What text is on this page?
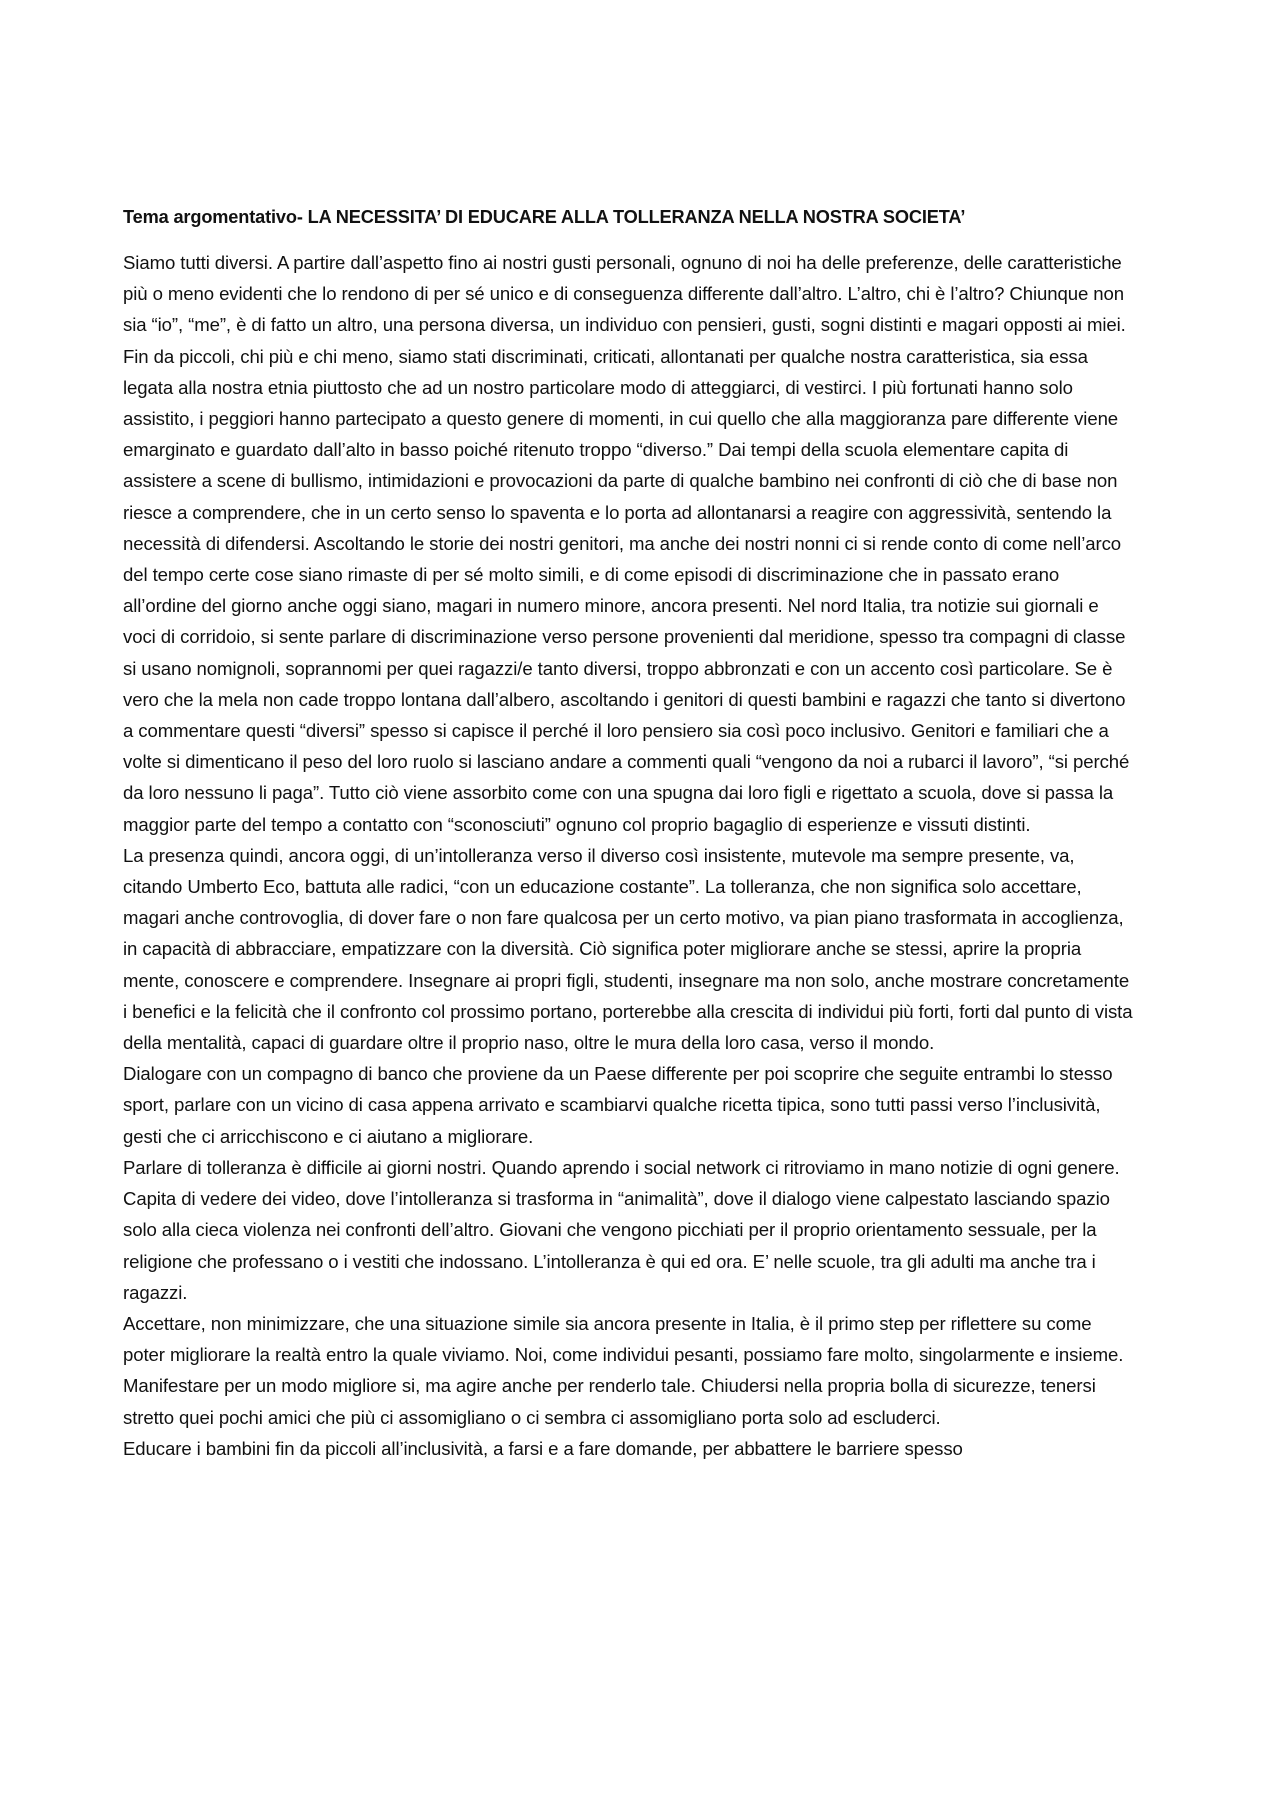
Tema argomentativo- LA NECESSITA’ DI EDUCARE ALLA TOLLERANZA NELLA NOSTRA SOCIETA’

Siamo tutti diversi. A partire dall’aspetto fino ai nostri gusti personali, ognuno di noi ha delle preferenze, delle caratteristiche più o meno evidenti che lo rendono di per sé unico e di conseguenza differente dall’altro. L’altro, chi è l’altro? Chiunque non sia “io”, “me”, è di fatto un altro, una persona diversa, un individuo con pensieri, gusti, sogni distinti e magari opposti ai miei.

Fin da piccoli, chi più e chi meno, siamo stati discriminati, criticati, allontanati per qualche nostra caratteristica, sia essa legata alla nostra etnia piuttosto che ad un nostro particolare modo di atteggiarci, di vestirci. I più fortunati hanno solo assistito, i peggiori hanno partecipato a questo genere di momenti, in cui quello che alla maggioranza pare differente viene emarginato e guardato dall’alto in basso poiché ritenuto troppo “diverso.” Dai tempi della scuola elementare capita di assistere a scene di bullismo, intimidazioni e provocazioni da parte di qualche bambino nei confronti di ciò che di base non riesce a comprendere, che in un certo senso lo spaventa e lo porta ad allontanarsi a reagire con aggressività, sentendo la necessità di difendersi. Ascoltando le storie dei nostri genitori, ma anche dei nostri nonni ci si rende conto di come nell’arco del tempo certe cose siano rimaste di per sé molto simili, e di come episodi di discriminazione che in passato erano all’ordine del giorno anche oggi siano, magari in numero minore, ancora presenti. Nel nord Italia, tra notizie sui giornali e voci di corridoio, si sente parlare di discriminazione verso persone provenienti dal meridione, spesso tra compagni di classe si usano nomignoli, soprannomi per quei ragazzi/e tanto diversi, troppo abbronzati e con un accento così particolare. Se è vero che la mela non cade troppo lontana dall’albero, ascoltando i genitori di questi bambini e ragazzi che tanto si divertono a commentare questi “diversi” spesso si capisce il perché il loro pensiero sia così poco inclusivo. Genitori e familiari che a volte si dimenticano il peso del loro ruolo si lasciano andare a commenti quali “vengono da noi a rubarci il lavoro”, “si perché da loro nessuno li paga”. Tutto ciò viene assorbito come con una spugna dai loro figli e rigettato a scuola, dove si passa la maggior parte del tempo a contatto con “sconosciuti” ognuno col proprio bagaglio di esperienze e vissuti distinti.

La presenza quindi, ancora oggi, di un’intolleranza verso il diverso così insistente, mutevole ma sempre presente, va, citando Umberto Eco, battuta alle radici, “con un educazione costante”. La tolleranza, che non significa solo accettare, magari anche controvoglia, di dover fare o non fare qualcosa per un certo motivo, va pian piano trasformata in accoglienza, in capacità di abbracciare, empatizzare con la diversità. Ciò significa poter migliorare anche se stessi, aprire la propria mente, conoscere e comprendere. Insegnare ai propri figli, studenti, insegnare ma non solo, anche mostrare concretamente i benefici e la felicità che il confronto col prossimo portano, porterebbe alla crescita di individui più forti, forti dal punto di vista della mentalità, capaci di guardare oltre il proprio naso, oltre le mura della loro casa, verso il mondo.

Dialogare con un compagno di banco che proviene da un Paese differente per poi scoprire che seguite entrambi lo stesso sport, parlare con un vicino di casa appena arrivato e scambiarvi qualche ricetta tipica, sono tutti passi verso l’inclusività, gesti che ci arricchiscono e ci aiutano a migliorare.

Parlare di tolleranza è difficile ai giorni nostri. Quando aprendo i social network ci ritroviamo in mano notizie di ogni genere. Capita di vedere dei video, dove l’intolleranza si trasforma in “animalità”, dove il dialogo viene calpestato lasciando spazio solo alla cieca violenza nei confronti dell’altro. Giovani che vengono picchiati per il proprio orientamento sessuale, per la religione che professano o i vestiti che indossano. L’intolleranza è qui ed ora. E’ nelle scuole, tra gli adulti ma anche tra i ragazzi.

Accettare, non minimizzare, che una situazione simile sia ancora presente in Italia, è il primo step per riflettere su come poter migliorare la realtà entro la quale viviamo. Noi, come individui pesanti, possiamo fare molto, singolarmente e insieme. Manifestare per un modo migliore si, ma agire anche per renderlo tale. Chiudersi nella propria bolla di sicurezze, tenersi stretto quei pochi amici che più ci assomigliano o ci sembra ci assomigliano porta solo ad escluderci.

Educare i bambini fin da piccoli all’inclusività, a farsi e a fare domande, per abbattere le barriere spesso
